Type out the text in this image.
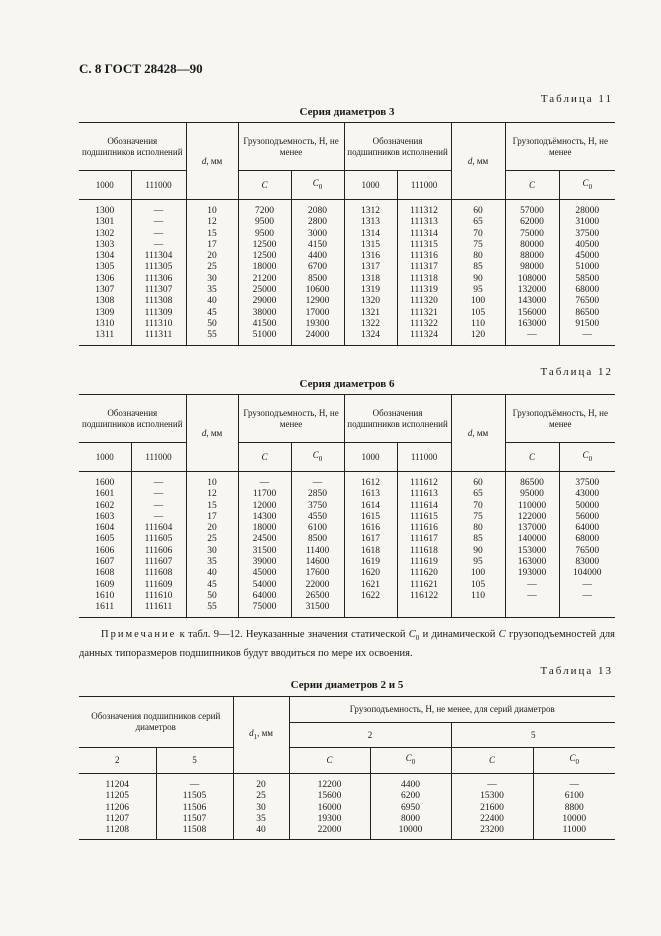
С. 8 ГОСТ 28428—90
Таблица 11
Серия диаметров 3
Обозначения подшипников исполнений		d, мм	Грузоподъемность, Н, не менее		Обозначения подшипников исполнений		d, мм	Грузоподъёмность, Н, не менее	
1000	111000		C	$C_0$	1000	111000		C	$C_0$
1300	—	10	7200	2080	1312	111312	60	57000	28000
1301	—	12	9500	2800	1313	111313	65	62000	31000
1302	—	15	9500	3000	1314	111314	70	75000	37500
1303	—	17	12500	4150	1315	111315	75	80000	40500
1304	111304	20	12500	4400	1316	111316	80	88000	45000
1305	111305	25	18000	6700	1317	111317	85	98000	51000
1306	111306	30	21200	8500	1318	111318	90	108000	58500
1307	111307	35	25000	10600	1319	111319	95	132000	68000
1308	111308	40	29000	12900	1320	111320	100	143000	76500
1309	111309	45	38000	17000	1321	111321	105	156000	86500
1310	111310	50	41500	19300	1322	111322	110	163000	91500
1311	111311	55	51000	24000	1324	111324	120	—	—
Таблица 12
Серия диаметров 6
Обозначения подшипников исполнений		d, мм	Грузоподъемность, Н, не менее		Обозначения подшипников исполнений		d, мм	Грузоподъёмность, Н, не менее	
1000	111000		C	$C_0$	1000	111000		C	$C_0$
1600	—	10	—	—	1612	111612	60	86500	37500
1601	—	12	11700	2850	1613	111613	65	95000	43000
1602	—	15	12000	3750	1614	111614	70	110000	50000
1603	—	17	14300	4550	1615	111615	75	122000	56000
1604	111604	20	18000	6100	1616	111616	80	137000	64000
1605	111605	25	24500	8500	1617	111617	85	140000	68000
1606	111606	30	31500	11400	1618	111618	90	153000	76500
1607	111607	35	39000	14600	1619	111619	95	163000	83000
1608	111608	40	45000	17600	1620	111620	100	193000	104000
1609	111609	45	54000	22000	1621	111621	105	—	—
1610	111610	50	64000	26500	1622	116122	110	—	—
1611	111611	55	75000	31500					
Примечание к табл. 9—12. Неуказанные значения статической $C_0$ и динамической C грузоподъемностей для данных типоразмеров подшипников будут вводиться по мере их освоения.
Таблица 13
Серии диаметров 2 и 5
Обозначения подшипников серий диаметров		$d_1$, мм	Грузоподъемность, Н, не менее, для серий диаметров			
			2		5	
2	5		C	$C_0$	C	$C_0$
11204	—	20	12200	4400	—	—
11205	11505	25	15600	6200	15300	6100
11206	11506	30	16000	6950	21600	8800
11207	11507	35	19300	8000	22400	10000
11208	11508	40	22000	10000	23200	11000
